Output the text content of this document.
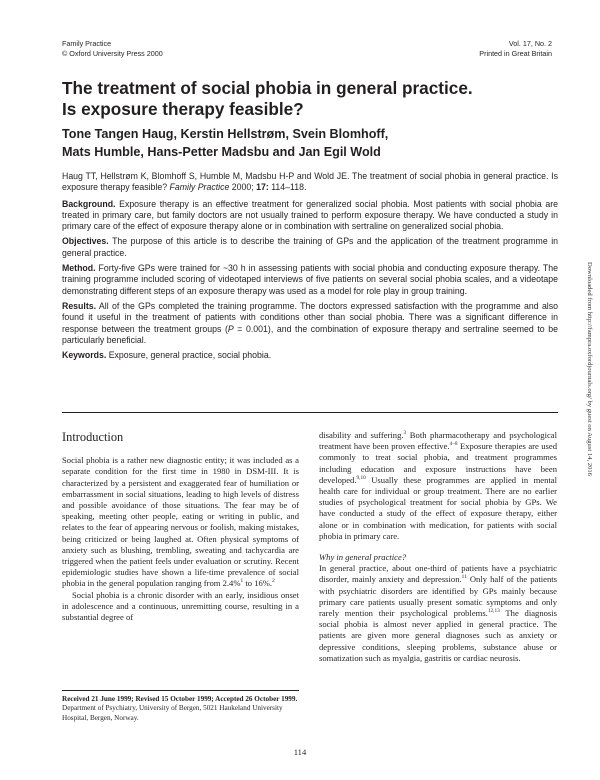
Family Practice
© Oxford University Press 2000
Vol. 17, No. 2
Printed in Great Britain
The treatment of social phobia in general practice.
Is exposure therapy feasible?
Tone Tangen Haug, Kerstin Hellstrøm, Svein Blomhoff,
Mats Humble, Hans-Petter Madsbu and Jan Egil Wold

Haug TT, Hellstrøm K, Blomhoff S, Humble M, Madsbu H-P and Wold JE. The treatment of social phobia in general practice. Is exposure therapy feasible? Family Practice 2000; 17: 114–118.

Background. Exposure therapy is an effective treatment for generalized social phobia. Most patients with social phobia are treated in primary care, but family doctors are not usually trained to perform exposure therapy. We have conducted a study in primary care of the effect of exposure therapy alone or in combination with sertraline on generalized social phobia.

Objectives. The purpose of this article is to describe the training of GPs and the application of the treatment programme in general practice.

Method. Forty-five GPs were trained for ~30 h in assessing patients with social phobia and conducting exposure therapy. The training programme included scoring of videotaped interviews of five patients on several social phobia scales, and a videotape demonstrating different steps of an exposure therapy was used as a model for role play in group training.

Results. All of the GPs completed the training programme. The doctors expressed satisfaction with the programme and also found it useful in the treatment of patients with conditions other than social phobia. There was a significant difference in response between the treatment groups (P = 0.001), and the combination of exposure therapy and sertraline seemed to be particularly beneficial.

Keywords. Exposure, general practice, social phobia.	Downloaded from http://fampra.oxfordjournals.org/ by guest on August 14, 2016
Introduction

Social phobia is a rather new diagnostic entity; it was included as a separate condition for the first time in 1980 in DSM-III. It is characterized by a persistent and exaggerated fear of humiliation or embarrassment in social situations, leading to high levels of distress and possible avoidance of those situations. The fear may be of speaking, meeting other people, eating or writing in public, and relates to the fear of appearing nervous or foolish, making mistakes, being criticized or being laughed at. Often physical symptoms of anxiety such as blushing, trembling, sweating and tachycardia are triggered when the patient feels under evaluation or scrutiny. Recent epidemiologic studies have shown a life-time prevalence of social phobia in the general population ranging from 2.4%$^1$ to 16%.$^2$

Social phobia is a chronic disorder with an early, insidious onset in adolescence and a continuous, unremitting course, resulting in a substantial degree of

disability and suffering.$^3$ Both pharmacotherapy and psychological treatment have been proven effective.$^{4-8}$ Exposure therapies are used commonly to treat social phobia, and treatment programmes including education and exposure instructions have been developed.$^{9,10}$ Usually these programmes are applied in mental health care for individual or group treatment. There are no earlier studies of psychological treatment for social phobia by GPs. We have conducted a study of the effect of exposure therapy, either alone or in combination with medication, for patients with social phobia in primary care.

Why in general practice?

In general practice, about one-third of patients have a psychiatric disorder, mainly anxiety and depression.$^{11}$ Only half of the patients with psychiatric disorders are identified by GPs mainly because primary care patients usually present somatic symptoms and only rarely mention their psychological problems.$^{12,13}$ The diagnosis social phobia is almost never applied in general practice. The patients are given more general diagnoses such as anxiety or depressive conditions, sleeping problems, substance abuse or somatization such as myalgia, gastritis or cardiac neurosis.

Received 21 June 1999; Revised 15 October 1999; Accepted 26 October 1999.
Department of Psychiatry, University of Bergen, 5021 Haukeland University Hospital, Bergen, Norway.
114
